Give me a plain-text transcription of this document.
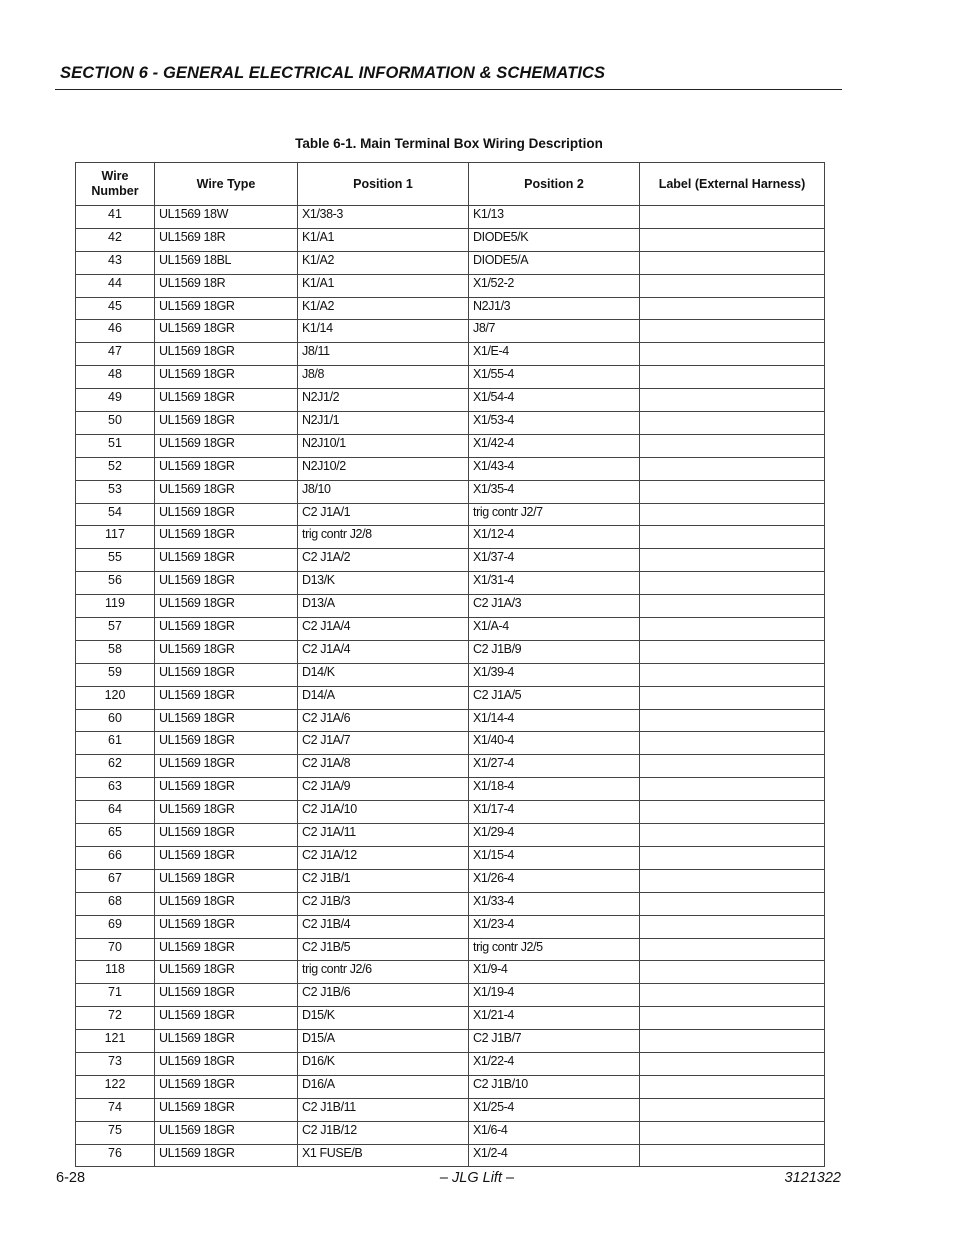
SECTION 6 - GENERAL ELECTRICAL INFORMATION & SCHEMATICS
Table 6-1. Main Terminal Box Wiring Description
Wire
Number	Wire Type	Position 1	Position 2	Label (External Harness)
41	UL1569 18W	X1/38-3	K1/13	
42	UL1569 18R	K1/A1	DIODE5/K	
43	UL1569 18BL	K1/A2	DIODE5/A	
44	UL1569 18R	K1/A1	X1/52-2	
45	UL1569 18GR	K1/A2	N2J1/3	
46	UL1569 18GR	K1/14	J8/7	
47	UL1569 18GR	J8/11	X1/E-4	
48	UL1569 18GR	J8/8	X1/55-4	
49	UL1569 18GR	N2J1/2	X1/54-4	
50	UL1569 18GR	N2J1/1	X1/53-4	
51	UL1569 18GR	N2J10/1	X1/42-4	
52	UL1569 18GR	N2J10/2	X1/43-4	
53	UL1569 18GR	J8/10	X1/35-4	
54	UL1569 18GR	C2 J1A/1	trig contr J2/7	
117	UL1569 18GR	trig contr J2/8	X1/12-4	
55	UL1569 18GR	C2 J1A/2	X1/37-4	
56	UL1569 18GR	D13/K	X1/31-4	
119	UL1569 18GR	D13/A	C2 J1A/3	
57	UL1569 18GR	C2 J1A/4	X1/A-4	
58	UL1569 18GR	C2 J1A/4	C2 J1B/9	
59	UL1569 18GR	D14/K	X1/39-4	
120	UL1569 18GR	D14/A	C2 J1A/5	
60	UL1569 18GR	C2 J1A/6	X1/14-4	
61	UL1569 18GR	C2 J1A/7	X1/40-4	
62	UL1569 18GR	C2 J1A/8	X1/27-4	
63	UL1569 18GR	C2 J1A/9	X1/18-4	
64	UL1569 18GR	C2 J1A/10	X1/17-4	
65	UL1569 18GR	C2 J1A/11	X1/29-4	
66	UL1569 18GR	C2 J1A/12	X1/15-4	
67	UL1569 18GR	C2 J1B/1	X1/26-4	
68	UL1569 18GR	C2 J1B/3	X1/33-4	
69	UL1569 18GR	C2 J1B/4	X1/23-4	
70	UL1569 18GR	C2 J1B/5	trig contr J2/5	
118	UL1569 18GR	trig contr J2/6	X1/9-4	
71	UL1569 18GR	C2 J1B/6	X1/19-4	
72	UL1569 18GR	D15/K	X1/21-4	
121	UL1569 18GR	D15/A	C2 J1B/7	
73	UL1569 18GR	D16/K	X1/22-4	
122	UL1569 18GR	D16/A	C2 J1B/10	
74	UL1569 18GR	C2 J1B/11	X1/25-4	
75	UL1569 18GR	C2 J1B/12	X1/6-4	
76	UL1569 18GR	X1 FUSE/B	X1/2-4	
6-28	– JLG Lift –	3121322
